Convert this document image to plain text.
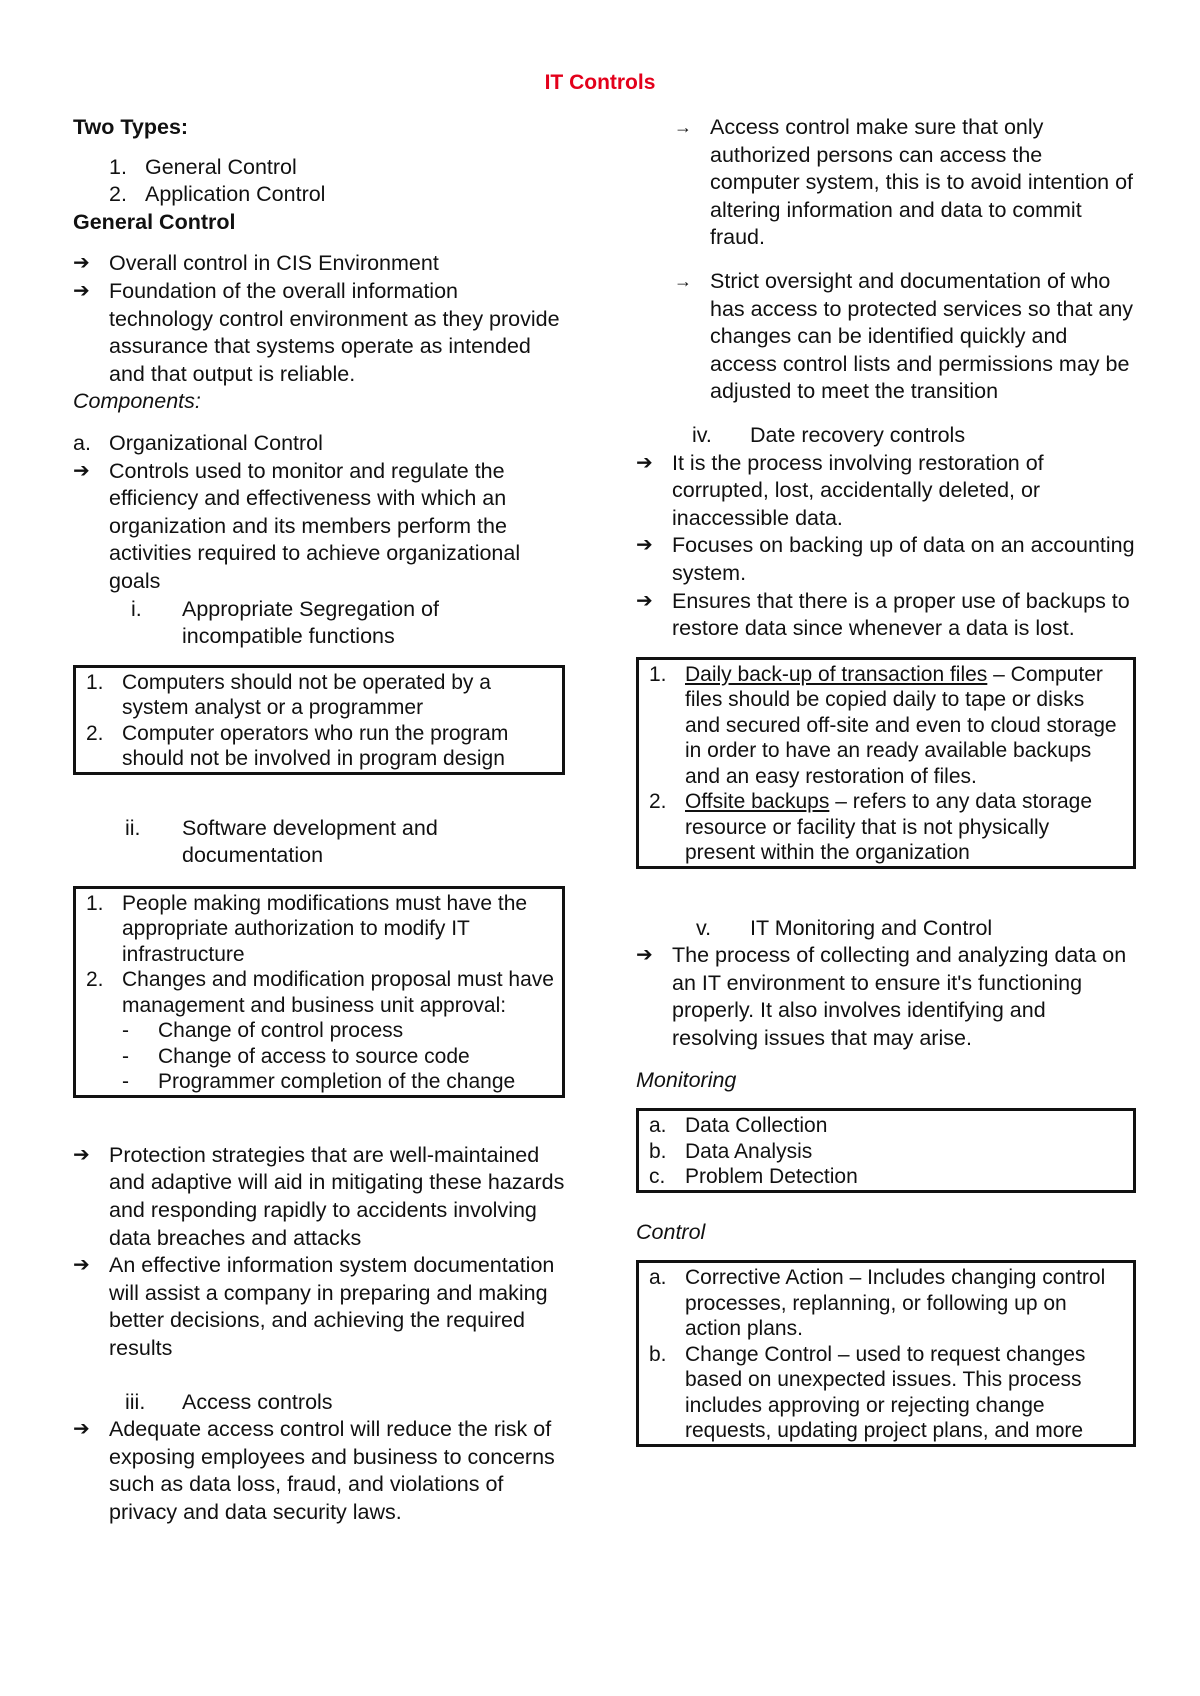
IT Controls

Two Types:

1. General Control
2. Application Control

General Control

➔ Overall control in CIS Environment
➔ Foundation of the overall information technology control environment as they provide assurance that systems operate as intended and that output is reliable.

Components:

a. Organizational Control

➔ Controls used to monitor and regulate the efficiency and effectiveness with which an organization and its members perform the activities required to achieve organizational goals

i. Appropriate Segregation of incompatible functions

1. Computers should not be operated by a system analyst or a programmer
2. Computer operators who run the program should not be involved in program design

ii. Software development and documentation

1. People making modifications must have the appropriate authorization to modify IT infrastructure
2. Changes and modification proposal must have management and business unit approval:
- Change of control process
- Change of access to source code
- Programmer completion of the change
➔ Protection strategies that are well-maintained and adaptive will aid in mitigating these hazards and responding rapidly to accidents involving data breaches and attacks
➔ An effective information system documentation will assist a company in preparing and making better decisions, and achieving the required results

iii. Access controls

➔ Adequate access control will reduce the risk of exposing employees and business to concerns such as data loss, fraud, and violations of privacy and data security laws.
→ Access control make sure that only authorized persons can access the computer system, this is to avoid intention of altering information and data to commit fraud.
→ Strict oversight and documentation of who has access to protected services so that any changes can be identified quickly and access control lists and permissions may be adjusted to meet the transition

iv. Date recovery controls

➔ It is the process involving restoration of corrupted, lost, accidentally deleted, or inaccessible data.
➔ Focuses on backing up of data on an accounting system.
➔ Ensures that there is a proper use of backups to restore data since whenever a data is lost.
1. Daily back-up of transaction files – Computer files should be copied daily to tape or disks and secured off-site and even to cloud storage in order to have an ready available backups and an easy restoration of files.
2. Offsite backups – refers to any data storage resource or facility that is not physically present within the organization

v. IT Monitoring and Control

➔ The process of collecting and analyzing data on an IT environment to ensure it's functioning properly. It also involves identifying and resolving issues that may arise.

Monitoring

a. Data Collection
b. Data Analysis
c. Problem Detection

Control

a. Corrective Action – Includes changing control processes, replanning, or following up on action plans.
b. Change Control – used to request changes based on unexpected issues. This process includes approving or rejecting change requests, updating project plans, and more
